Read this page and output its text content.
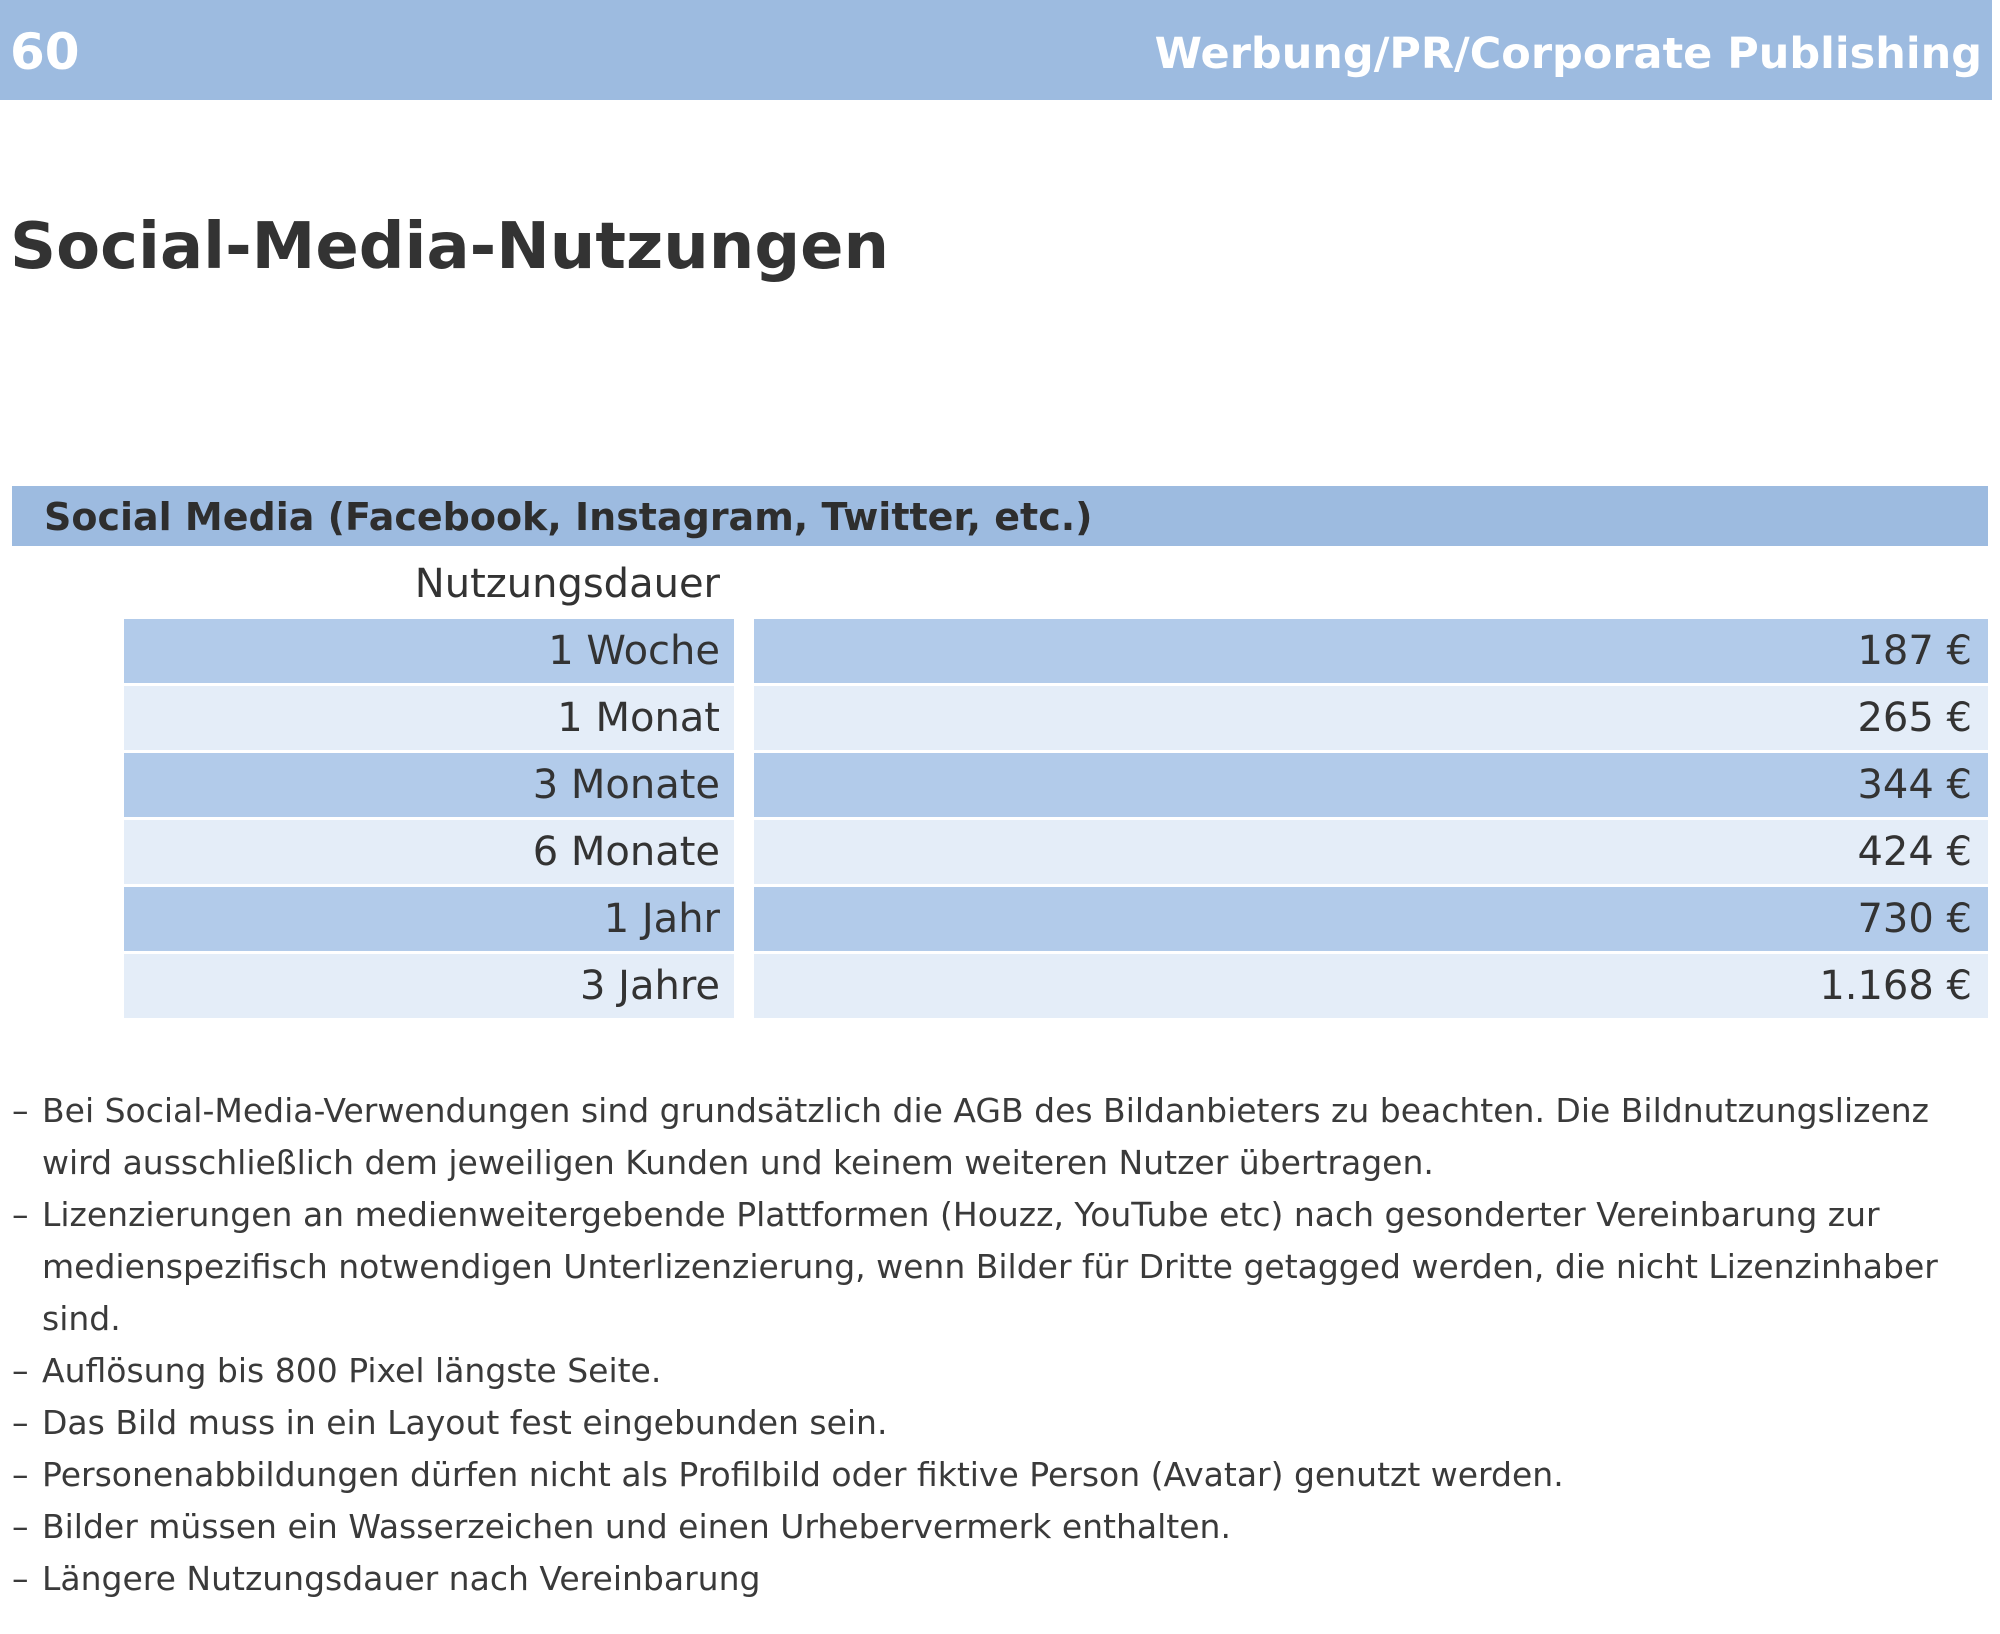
60	Werbung/PR/Corporate Publishing
Social-Media-Nutzungen
Social Media (Facebook, Instagram, Twitter, etc.)
Nutzungsdauer
1 Woche	187 €
1 Monat	265 €
3 Monate	344 €
6 Monate	424 €
1 Jahr	730 €
3 Jahre	1.168 €
– Bei Social-Media-Verwendungen sind grundsätzlich die AGB des Bildanbieters zu beachten. Die Bildnutzungslizenz wird ausschließlich dem jeweiligen Kunden und keinem weiteren Nutzer übertragen.
– Lizenzierungen an medienweitergebende Plattformen (Houzz, YouTube etc) nach gesonderter Vereinbarung zur medienspezifisch notwendigen Unterlizenzierung, wenn Bilder für Dritte getagged werden, die nicht Lizenzinhaber sind.
– Auflösung bis 800 Pixel längste Seite.
– Das Bild muss in ein Layout fest eingebunden sein.
– Personenabbildungen dürfen nicht als Profilbild oder fiktive Person (Avatar) genutzt werden.
– Bilder müssen ein Wasserzeichen und einen Urhebervermerk enthalten.
– Längere Nutzungsdauer nach Vereinbarung
